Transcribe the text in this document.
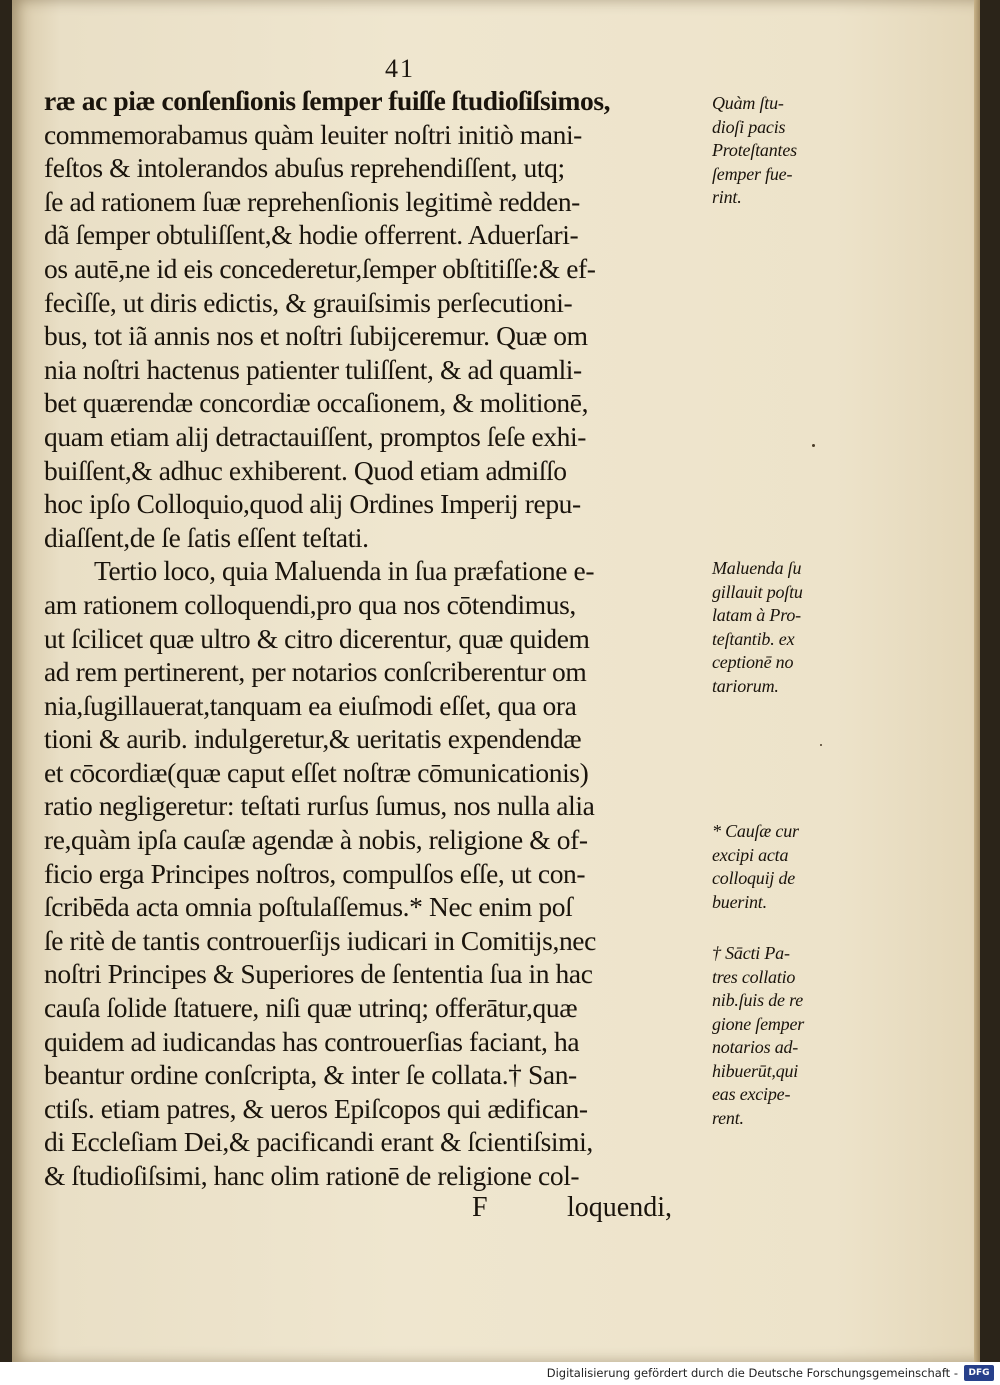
41
ræ ac piæ conſenſionis ſemper fuiſſe ſtudioſiſsimos,
commemorabamus quàm leuiter noſtri initiò mani-
feſtos & intolerandos abuſus reprehendiſſent, utq;
ſe ad rationem ſuæ reprehenſionis legitimè redden-
dã ſemper obtuliſſent,& hodie offerrent. Aduerſari-
os autē,ne id eis concederetur,ſemper obſtitiſſe:& ef-
fecìſſe, ut diris edictis, & grauiſsimis perſecutioni-
bus, tot iã annis nos et noſtri ſubijceremur. Quæ om
nia noſtri hactenus patienter tuliſſent, & ad quamli-
bet quærendæ concordiæ occaſionem, & molitionē,
quam etiam alij detractauiſſent, promptos ſeſe exhi-
buiſſent,& adhuc exhiberent. Quod etiam admiſſo
hoc ipſo Colloquio,quod alij Ordines Imperij repu-
diaſſent,de ſe ſatis eſſent teſtati.
Tertio loco, quia Maluenda in ſua præfatione e-
am rationem colloquendi,pro qua nos cōtendimus,
ut ſcilicet quæ ultro & citro dicerentur, quæ quidem
ad rem pertinerent, per notarios conſcriberentur om
nia,ſugillauerat,tanquam ea eiuſmodi eſſet, qua ora
tioni & aurib. indulgeretur,& ueritatis expendendæ
et cōcordiæ(quæ caput eſſet noſtræ cōmunicationis)
ratio negligeretur: teſtati rurſus ſumus, nos nulla alia
re,quàm ipſa cauſæ agendæ à nobis, religione & of-
ficio erga Principes noſtros, compulſos eſſe, ut con-
ſcribēda acta omnia poſtulaſſemus.* Nec enim poſ
ſe ritè de tantis controuerſijs iudicari in Comitijs,nec
noſtri Principes & Superiores de ſententia ſua in hac
cauſa ſolide ſtatuere, niſi quæ utrinq; offerātur,quæ
quidem ad iudicandas has controuerſias faciant, ha
beantur ordine conſcripta, & inter ſe collata.† San-
ctiſs. etiam patres, & ueros Epiſcopos qui ædifican-
di Eccleſiam Dei,& pacificandi erant & ſcientiſsimi,
& ſtudioſiſsimi, hanc olim rationē de religione col-
Quàm ſtu-
dioſi pacis
Proteſtantes
ſemper fue-
rint.
Maluenda ſu
gillauit poſtu
latam à Pro-
teſtantib. ex
ceptionē no
tariorum.
* Cauſæ cur
excipi acta
colloquij de
buerint.
† Sācti Pa-
tres collatio
nib.ſuis de re
gione ſemper
notarios ad-
hibuerūt,qui
eas excipe-
rent.
F	loquendi,
Digitalisierung gefördert durch die Deutsche Forschungsgemeinschaft -	DFG
